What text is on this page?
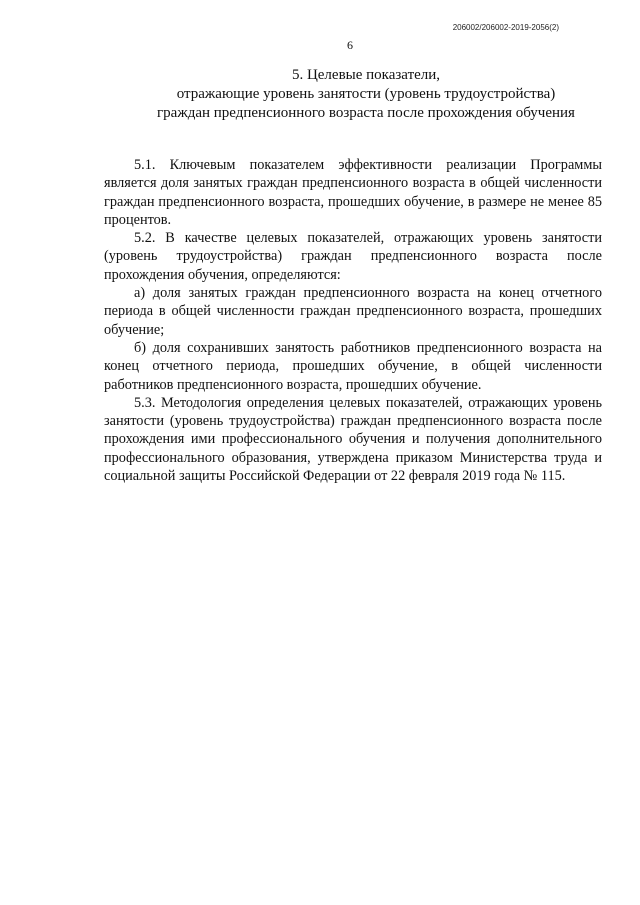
206002/206002-2019-2056(2)
6
5. Целевые показатели,
отражающие уровень занятости (уровень трудоустройства)
граждан предпенсионного возраста после прохождения обучения

5.1. Ключевым показателем эффективности реализации Программы является доля занятых граждан предпенсионного возраста в общей численности граждан предпенсионного возраста, прошедших обучение, в размере не менее 85 процентов.

5.2. В качестве целевых показателей, отражающих уровень занятости (уровень трудоустройства) граждан предпенсионного возраста после прохождения обучения, определяются:

а) доля занятых граждан предпенсионного возраста на конец отчетного периода в общей численности граждан предпенсионного возраста, прошедших обучение;

б) доля сохранивших занятость работников предпенсионного возраста на конец отчетного периода, прошедших обучение, в общей численности работников предпенсионного возраста, прошедших обучение.

5.3. Методология определения целевых показателей, отражающих уровень занятости (уровень трудоустройства) граждан предпенсионного возраста после прохождения ими профессионального обучения и получения дополнительного профессионального образования, утверждена приказом Министерства труда и социальной защиты Российской Федерации от 22 февраля 2019 года № 115.
